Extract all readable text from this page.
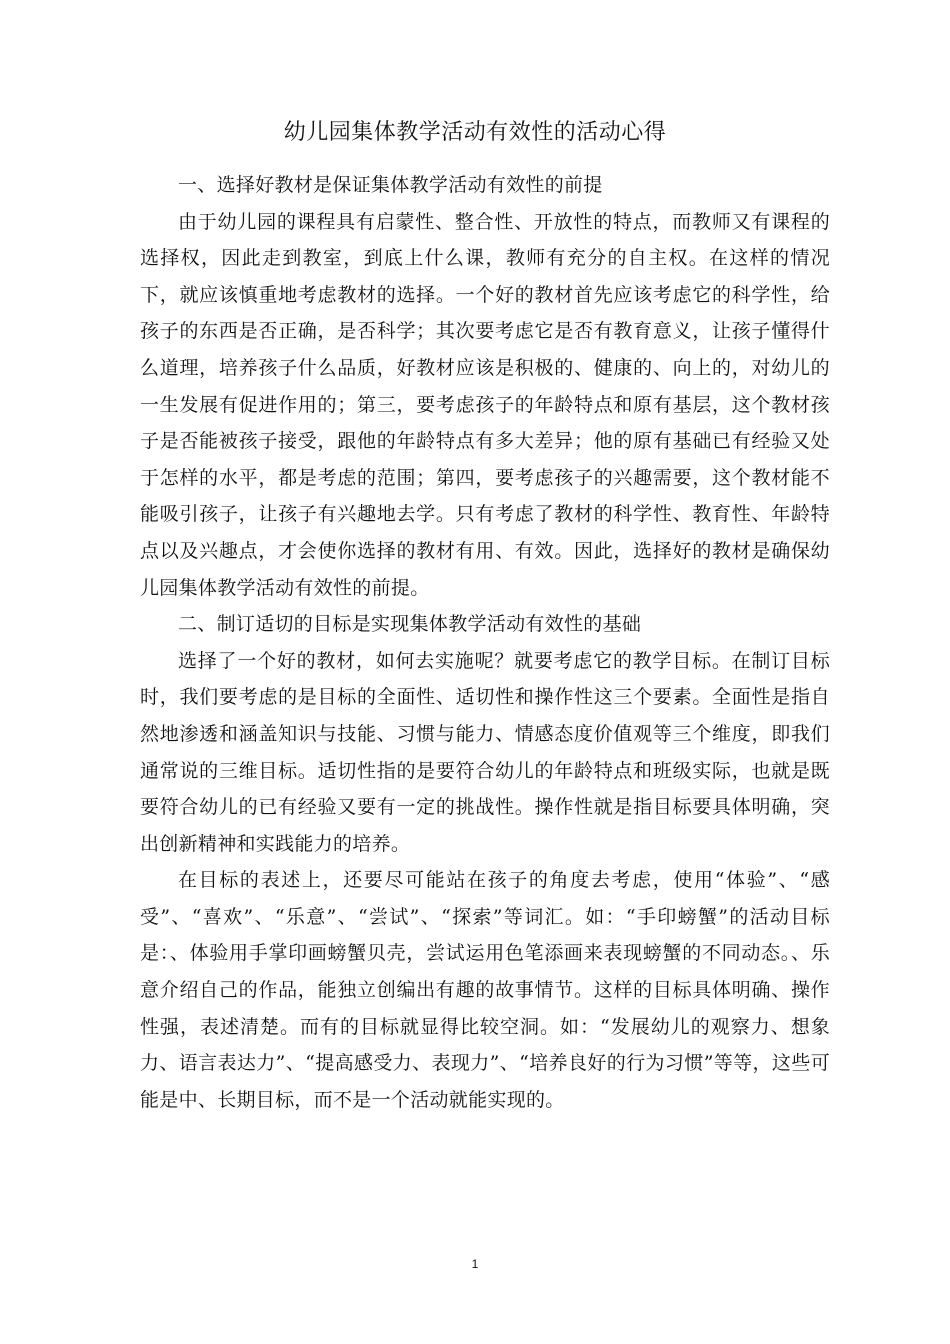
幼儿园集体教学活动有效性的活动心得

一、选择好教材是保证集体教学活动有效性的前提

由于幼儿园的课程具有启蒙性、整合性、开放性的特点，而教师又有课程的选择权，因此走到教室，到底上什么课，教师有充分的自主权。在这样的情况下，就应该慎重地考虑教材的选择。一个好的教材首先应该考虑它的科学性，给孩子的东西是否正确，是否科学；其次要考虑它是否有教育意义，让孩子懂得什么道理，培养孩子什么品质，好教材应该是积极的、健康的、向上的，对幼儿的一生发展有促进作用的；第三，要考虑孩子的年龄特点和原有基层，这个教材孩子是否能被孩子接受，跟他的年龄特点有多大差异；他的原有基础已有经验又处于怎样的水平，都是考虑的范围；第四，要考虑孩子的兴趣需要，这个教材能不能吸引孩子，让孩子有兴趣地去学。只有考虑了教材的科学性、教育性、年龄特点以及兴趣点，才会使你选择的教材有用、有效。因此，选择好的教材是确保幼儿园集体教学活动有效性的前提。

二、制订适切的目标是实现集体教学活动有效性的基础

选择了一个好的教材，如何去实施呢？就要考虑它的教学目标。在制订目标时，我们要考虑的是目标的全面性、适切性和操作性这三个要素。全面性是指自然地渗透和涵盖知识与技能、习惯与能力、情感态度价值观等三个维度，即我们通常说的三维目标。适切性指的是要符合幼儿的年龄特点和班级实际，也就是既要符合幼儿的已有经验又要有一定的挑战性。操作性就是指目标要具体明确，突出创新精神和实践能力的培养。

在目标的表述上，还要尽可能站在孩子的角度去考虑，使用“体验”、“感受”、“喜欢”、“乐意”、“尝试”、“探索”等词汇。如：“手印螃蟹”的活动目标是：、体验用手掌印画螃蟹贝壳，尝试运用色笔添画来表现螃蟹的不同动态。、乐意介绍自己的作品，能独立创编出有趣的故事情节。这样的目标具体明确、操作性强，表述清楚。而有的目标就显得比较空洞。如：“发展幼儿的观察力、想象力、语言表达力”、“提高感受力、表现力”、“培养良好的行为习惯”等等，这些可能是中、长期目标，而不是一个活动就能实现的。

1
